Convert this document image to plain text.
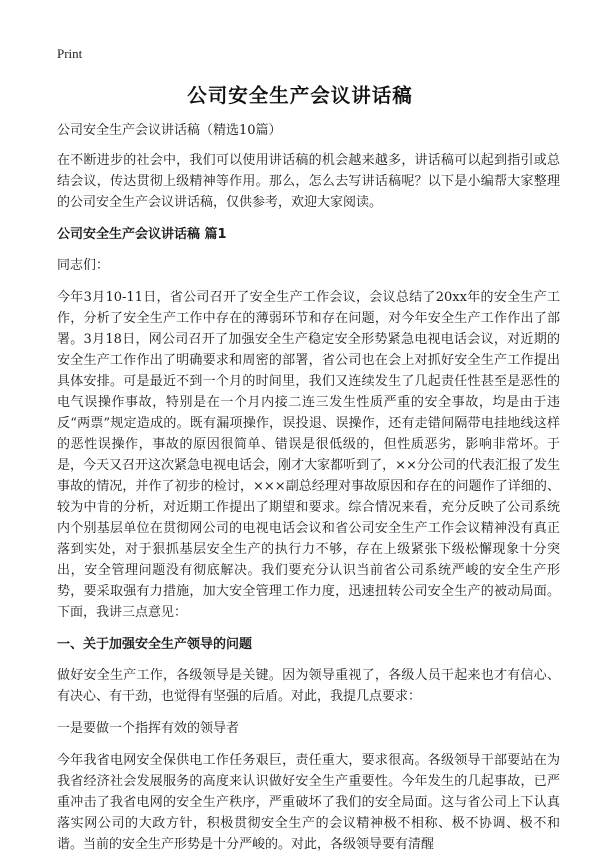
Print
公司安全生产会议讲话稿

公司安全生产会议讲话稿（精选10篇）

在不断进步的社会中，我们可以使用讲话稿的机会越来越多，讲话稿可以起到指引或总结会议，传达贯彻上级精神等作用。那么，怎么去写讲话稿呢？以下是小编帮大家整理的公司安全生产会议讲话稿，仅供参考，欢迎大家阅读。

公司安全生产会议讲话稿 篇1

同志们：

今年3月10-11日，省公司召开了安全生产工作会议，会议总结了20xx年的安全生产工作，分析了安全生产工作中存在的薄弱环节和存在问题，对今年安全生产工作作出了部署。3月18日，网公司召开了加强安全生产稳定安全形势紧急电视电话会议，对近期的安全生产工作作出了明确要求和周密的部署，省公司也在会上对抓好安全生产工作提出具体安排。可是最近不到一个月的时间里，我们又连续发生了几起责任性甚至是恶性的电气误操作事故，特别是在一个月内接二连三发生性质严重的安全事故，均是由于违反“两票”规定造成的。既有漏项操作，误投退、误操作，还有走错间隔带电挂地线这样的恶性误操作，事故的原因很简单、错误是很低级的，但性质恶劣，影响非常坏。于是，今天又召开这次紧急电视电话会，刚才大家都听到了，××分公司的代表汇报了发生事故的情况，并作了初步的检讨，×××副总经理对事故原因和存在的问题作了详细的、较为中肯的分析，对近期工作提出了期望和要求。综合情况来看，充分反映了公司系统内个别基层单位在贯彻网公司的电视电话会议和省公司安全生产工作会议精神没有真正落到实处，对于狠抓基层安全生产的执行力不够，存在上级紧张下级松懈现象十分突出，安全管理问题没有彻底解决。我们要充分认识当前省公司系统严峻的安全生产形势，要采取强有力措施，加大安全管理工作力度，迅速扭转公司安全生产的被动局面。下面，我讲三点意见：

一、关于加强安全生产领导的问题

做好安全生产工作，各级领导是关键。因为领导重视了，各级人员干起来也才有信心、有决心、有干劲，也觉得有坚强的后盾。对此，我提几点要求：

一是要做一个指挥有效的领导者

今年我省电网安全保供电工作任务艰巨，责任重大，要求很高。各级领导干部要站在为我省经济社会发展服务的高度来认识做好安全生产重要性。今年发生的几起事故，已严重冲击了我省电网的安全生产秩序，严重破坏了我们的安全局面。这与省公司上下认真落实网公司的大政方针，积极贯彻安全生产的会议精神极不相称、极不协调、极不和谐。当前的安全生产形势是十分严峻的。对此，各级领导要有清醒
